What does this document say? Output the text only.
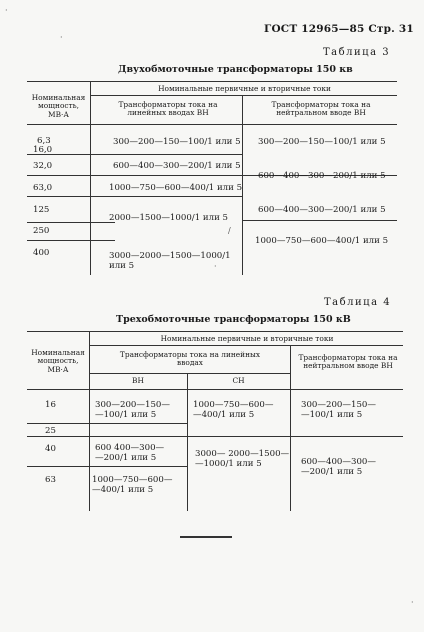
ГОСТ 12965—85 Стр. 31
Таблица 3
Двухобмоточные трансформаторы 150 кв
Номинальная мощность, МВ·А
Номинальные первичные и вторичные токи
Трансформаторы тока на линейных вводах ВН
Трансформаторы тока на нейтральном вводе ВН
6,3
16,0
32,0
63,0
125
250
400
300—200—150—100/1 или 5
600—400—300—200/1 или 5
1000—750—600—400/1 или 5
2000—1500—1000/1 или 5
3000—2000—1500—1000/1
или 5
300—200—150—100/1 или 5
600—400—300—200/1 или 5
600—400—300—200/1 или 5
1000—750—600—400/1 или 5
Таблица 4
Трехобмоточные трансформаторы 150 кВ
Номинальная мощность, МВ·А
Номинальные первичные и вторичные токи
Трансформаторы тока на линейных вводах
ВН	СН
Трансформаторы тока на нейтральном вводе ВН
16
25
40
63
300—200—150—
—100/1 или 5
600 400—300—
—200/1 или 5
1000—750—600—
—400/1 или 5
1000—750—600—
—400/1 или 5
3000— 2000—1500—
—1000/1 или 5
300—200—150—
—100/1 или 5
600—400—300—
—200/1 или 5
·
·
/
·
·
